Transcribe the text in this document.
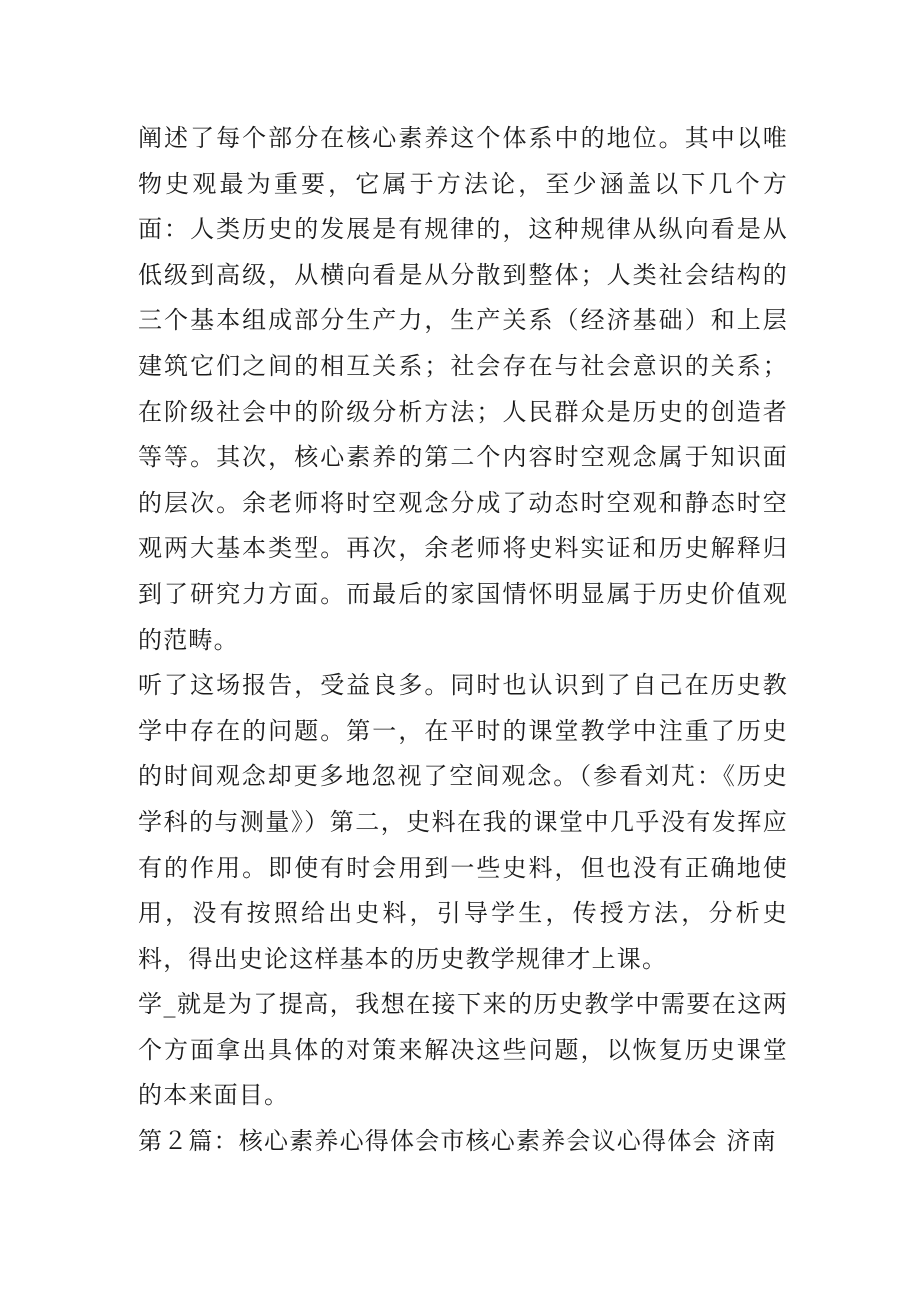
阐述了每个部分在核心素养这个体系中的地位。其中以唯物史观最为重要，它属于方法论，至少涵盖以下几个方面：人类历史的发展是有规律的，这种规律从纵向看是从低级到高级，从横向看是从分散到整体；人类社会结构的三个基本组成部分生产力，生产关系（经济基础）和上层建筑它们之间的相互关系；社会存在与社会意识的关系；在阶级社会中的阶级分析方法；人民群众是历史的创造者等等。其次，核心素养的第二个内容时空观念属于知识面的层次。余老师将时空观念分成了动态时空观和静态时空观两大基本类型。再次，余老师将史料实证和历史解释归到了研究力方面。而最后的家国情怀明显属于历史价值观的范畴。

听了这场报告，受益良多。同时也认识到了自己在历史教学中存在的问题。第一，在平时的课堂教学中注重了历史的时间观念却更多地忽视了空间观念。（参看刘芃：《历史学科的与测量》）第二，史料在我的课堂中几乎没有发挥应有的作用。即使有时会用到一些史料，但也没有正确地使用，没有按照给出史料，引导学生，传授方法，分析史料，得出史论这样基本的历史教学规律才上课。

学_就是为了提高，我想在接下来的历史教学中需要在这两个方面拿出具体的对策来解决这些问题，以恢复历史课堂的本来面目。

第２篇：核心素养心得体会市核心素养会议心得体会 济南
